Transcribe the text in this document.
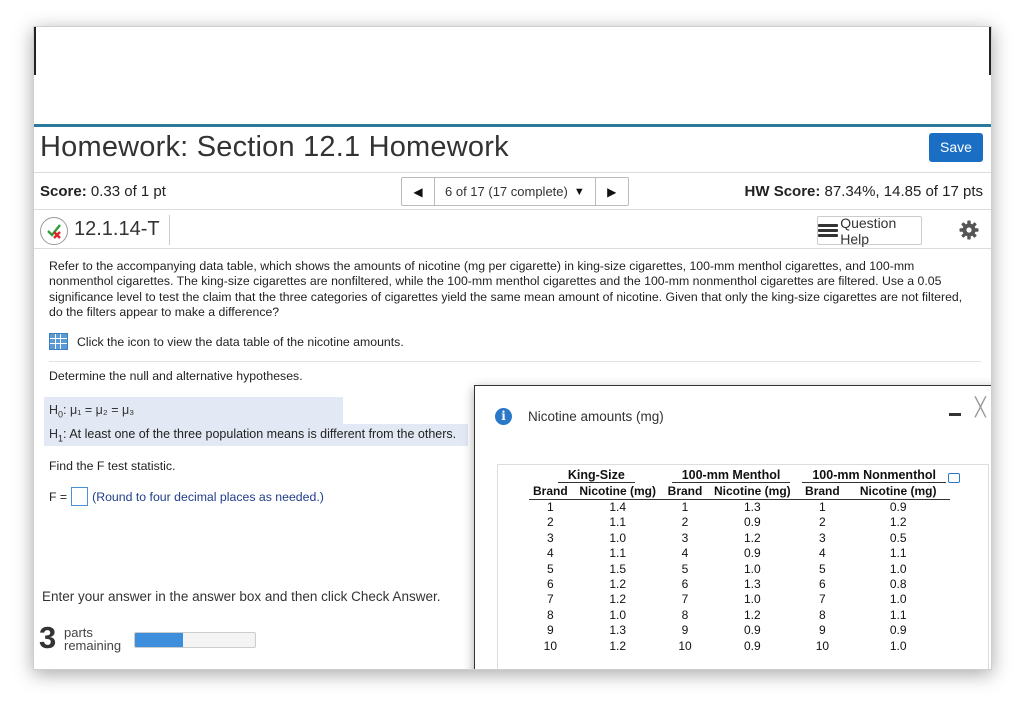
Homework: Section 12.1 Homework	Save
Score: 0.33 of 1 pt	◀ 6 of 17 (17 complete) ▼ ▶	HW Score: 87.34%, 14.85 of 17 pts
12.1.14-T	Question Help
Refer to the accompanying data table, which shows the amounts of nicotine (mg per cigarette) in king-size cigarettes, 100-mm menthol cigarettes, and 100-mm nonmenthol cigarettes. The king-size cigarettes are nonfiltered, while the 100-mm menthol cigarettes and the 100-mm nonmenthol cigarettes are filtered. Use a 0.05 significance level to test the claim that the three categories of cigarettes yield the same mean amount of nicotine. Given that only the king-size cigarettes are not filtered, do the filters appear to make a difference?
Click the icon to view the data table of the nicotine amounts.
Determine the null and alternative hypotheses.
$H_0$: μ₁ = μ₂ = μ₃
$H_1$: At least one of the three population means is different from the others.
Find the F test statistic.
F = (Round to four decimal places as needed.)
Enter your answer in the answer box and then click Check Answer.
3 parts
remaining
i	Nicotine amounts (mg)	╳
King-Size		100-mm Menthol		100-mm Nonmenthol	
Brand	Nicotine (mg)	Brand	Nicotine (mg)	Brand	Nicotine (mg)
1	1.4	1	1.3	1	0.9
2	1.1	2	0.9	2	1.2
3	1.0	3	1.2	3	0.5
4	1.1	4	0.9	4	1.1
5	1.5	5	1.0	5	1.0
6	1.2	6	1.3	6	0.8
7	1.2	7	1.0	7	1.0
8	1.0	8	1.2	8	1.1
9	1.3	9	0.9	9	0.9
10	1.2	10	0.9	10	1.0
